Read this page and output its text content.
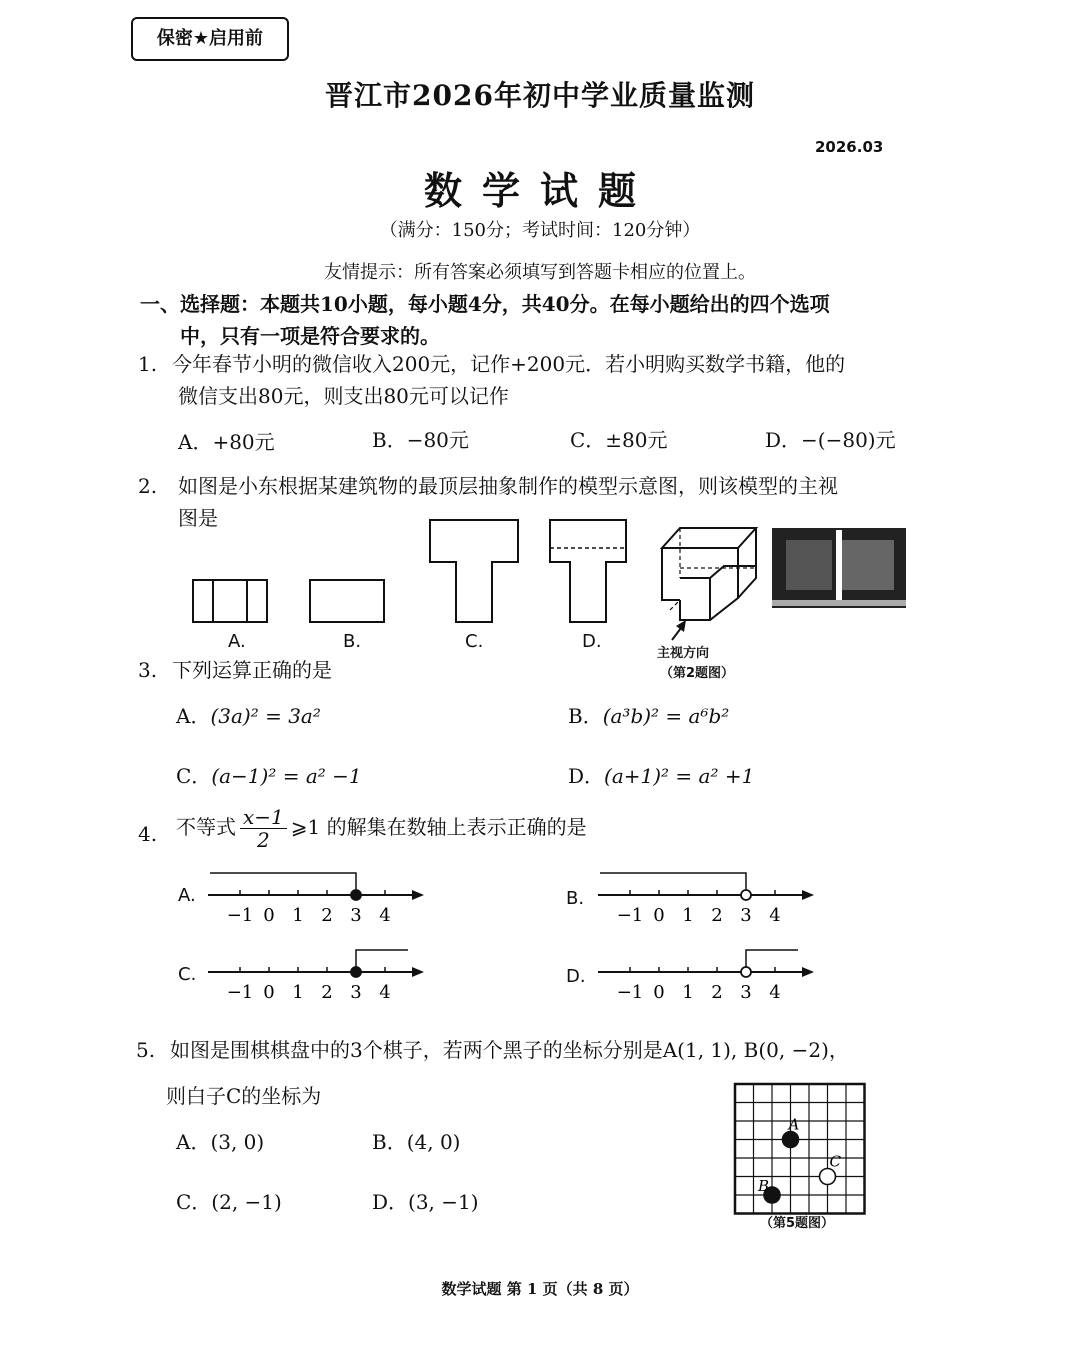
保密★启用前
晋江市2026年初中学业质量监测
2026.03
数学试题
（满分：150分；考试时间：120分钟）
友情提示：所有答案必须填写到答题卡相应的位置上。
一、选择题：本题共10小题，每小题4分，共40分。在每小题给出的四个选项
中，只有一项是符合要求的。
1. 今年春节小明的微信收入200元，记作+200元．若小明购买数学书籍，他的
微信支出80元，则支出80元可以记作
A．+80元	B．−80元	C．±80元	D．−(−80)元
2. 如图是小东根据某建筑物的最顶层抽象制作的模型示意图，则该模型的主视
图是
A.	B.	C.	D.
主视方向
（第2题图）
3. 下列运算正确的是
A．(3a)² = 3a²	B．(a³b)² = a⁶b²
C．(a−1)² = a² −1	D．(a+1)² = a² +1
4. 不等式 $\frac{x-1}{2}$ ⩾1 的解集在数轴上表示正确的是
A.	B.
C.	D.
−1 0 1 2 3 4	−1 0 1 2 3 4
−1 0 1 2 3 4	−1 0 1 2 3 4
5. 如图是围棋棋盘中的3个棋子，若两个黑子的坐标分别是A(1, 1), B(0, −2)，
则白子C的坐标为
A．(3, 0)	B．(4, 0)
C．(2, −1)	D．(3, −1)
A
B
C
（第5题图）
数学试题 第 1 页（共 8 页）
